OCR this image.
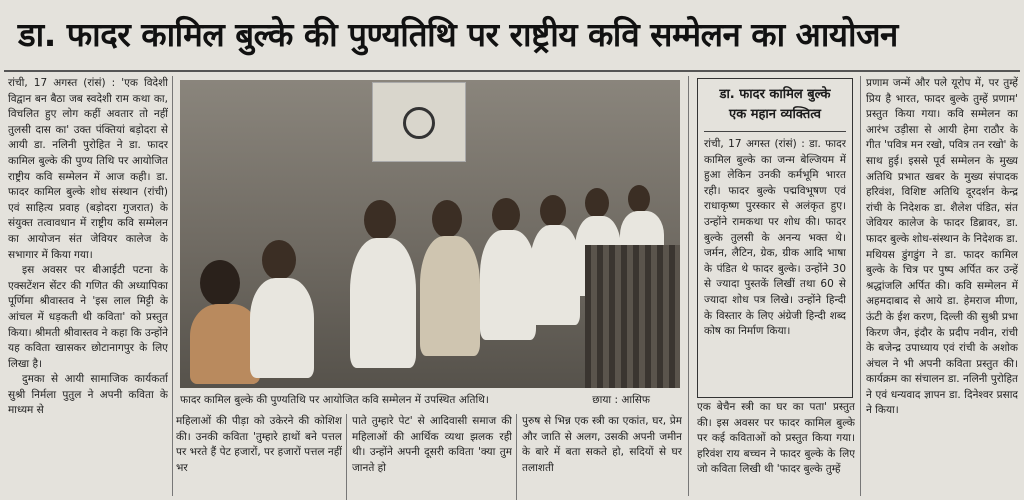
डा. फादर कामिल बुल्के की पुण्यतिथि पर राष्ट्रीय कवि सम्मेलन का आयोजन

रांची, 17 अगस्त (रांसं) : 'एक विदेशी विद्वान बन बैठा जब स्वदेशी राम कथा का, विचलित हुए लोग कहीं अवतार तो नहीं तुलसी दास का' उक्त पंक्तियां बड़ोदरा से आयी डा. नलिनी पुरोहित ने डा. फादर कामिल बुल्के की पुण्य तिथि पर आयोजित राष्ट्रीय कवि सम्मेलन में आज कही। डा. फादर कामिल बुल्के शोध संस्थान (रांची) एवं साहित्य प्रवाह (बड़ोदरा गुजरात) के संयुक्त तत्वावधान में राष्ट्रीय कवि सम्मेलन का आयोजन संत जेवियर कालेज के सभागार में किया गया।

इस अवसर पर बीआईटी पटना के एक्सटेंशन सेंटर की गणित की अध्यापिका पूर्णिमा श्रीवास्तव ने 'इस लाल मिट्टी के आंचल में धड़कती थी कविता' को प्रस्तुत किया। श्रीमती श्रीवास्तव ने कहा कि उन्होंने यह कविता खासकर छोटानागपुर के लिए लिखा है।

दुमका से आयी सामाजिक कार्यकर्ता सुश्री निर्मला पुतुल ने अपनी कविता के माध्यम से

फादर कामिल बुल्के की पुण्यतिथि पर आयोजित कवि सम्मेलन में उपस्थित अतिथि।	छाया : आसिफ

महिलाओं की पीड़ा को उकेरने की कोशिश की। उनकी कविता 'तुम्हारे हाथों बने पत्तल पर भरते हैं पेट हजारों, पर हजारों पत्तल नहीं भर

पाते तुम्हारे पेट' से आदिवासी समाज की महिलाओं की आर्थिक व्यथा झलक रही थी। उन्होंने अपनी दूसरी कविता 'क्या तुम जानते हो

पुरुष से भिन्न एक स्त्री का एकांत, घर, प्रेम और जाति से अलग, उसकी अपनी जमीन के बारे में बता सकते हो, सदियों से घर तलाशती

डा. फादर कामिल बुल्के
एक महान व्यक्तित्व

रांची, 17 अगस्त (रांसं) : डा. फादर कामिल बुल्के का जन्म बेल्जियम में हुआ लेकिन उनकी कर्मभूमि भारत रही। फादर बुल्के पद्मविभूषण एवं राधाकृष्ण पुरस्कार से अलंकृत हुए। उन्होंने रामकथा पर शोध की। फादर बुल्के तुलसी के अनन्य भक्त थे। जर्मन, लैटिन, ग्रेक, ग्रीक आदि भाषा के पंडित थे फादर बुल्के। उन्होंने 30 से ज्यादा पुस्तकें लिखीं तथा 60 से ज्यादा शोध पत्र लिखे। उन्होंने हिन्दी के विस्तार के लिए अंग्रेजी हिन्दी शब्द कोष का निर्माण किया।

एक बेचैन स्त्री का घर का पता' प्रस्तुत की। इस अवसर पर फादर कामिल बुल्के पर कई कविताओं को प्रस्तुत किया गया। हरिवंश राय बच्चन ने फादर बुल्के के लिए जो कविता लिखी थी 'फादर बुल्के तुम्हें

प्रणाम जन्में और पले यूरोप में, पर तुम्हें प्रिय है भारत, फादर बुल्के तुम्हें प्रणाम' प्रस्तुत किया गया। कवि सम्मेलन का आरंभ उड़ीसा से आयी हेमा राठौर के गीत 'पवित्र मन रखो, पवित्र तन रखो' के साथ हुई। इससे पूर्व सम्मेलन के मुख्य अतिथि प्रभात खबर के मुख्य संपादक हरिवंश, विशिष्ट अतिथि दूरदर्शन केन्द्र रांची के निदेशक डा. शैलेश पंडित, संत जेवियर कालेज के फादर डिब्रावर, डा. फादर बुल्के शोध-संस्थान के निदेशक डा. मथियस डुंगडुंग ने डा. फादर कामिल बुल्के के चित्र पर पुष्प अर्पित कर उन्हें श्रद्धांजलि अर्पित की। कवि सम्मेलन में अहमदाबाद से आये डा. हेमराज मीणा, ऊंटी के ईश करण, दिल्ली की सुश्री प्रभा किरण जैन, इंदौर के प्रदीप नवीन, रांची के बजेन्द्र उपाध्याय एवं रांची के अशोक अंचल ने भी अपनी कविता प्रस्तुत की। कार्यक्रम का संचालन डा. नलिनी पुरोहित ने एवं धन्यवाद ज्ञापन डा. दिनेश्वर प्रसाद ने किया।
